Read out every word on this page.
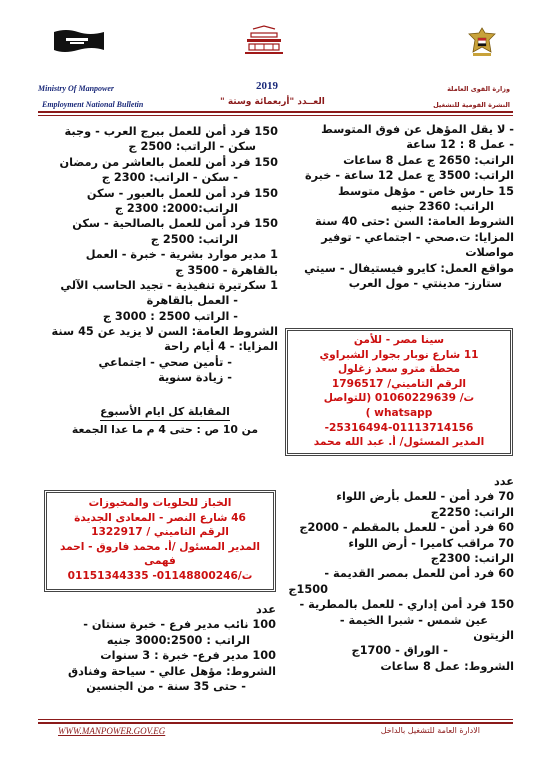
Ministry Of Manpower
Employment National Bulletin
2019
العــدد "أربعمائة وستة "
وزارة القوى العاملة
النشرة القومية للتشغيل
- لا يقل المؤهل عن فوق المتوسط
- عمل 8 : 12 ساعة
الراتب: 2650 ج عمل 8 ساعات
الراتب: 3500 ج عمل 12 ساعة - خبرة
15 حارس خاص - مؤهل متوسط
الراتب: 2360 جنيه
الشروط العامة: السن :حتى 40 سنة
المزايا: ت.صحي - اجتماعي - توفير
مواصلات
مواقع العمل: كايرو فيستيفال - سيتي
ستارز- مدينتي - مول العرب
سينا مصر - للأمن
11 شارع نوبار بجوار الشبراوي
محطة مترو سعد زغلول
الرقم التاميني/ 1796517
ت/ 01060229639 (للتواصل
whatsapp )
25316494-01113714156-
المدير المسئول/ أ. عبد الله محمد
عدد
70 فرد أمن - للعمل بأرض اللواء
الراتب: 2250ج
60 فرد أمن - للعمل بالمقطم - 2000ج
70 مراقب كاميرا - أرض اللواء
الراتب: 2300ج
60 فرد أمن للعمل بمصر القديمة -
1500ج
150 فرد أمن إداري - للعمل بالمطرية -
عين شمس - شبرا الخيمة -
الزيتون
- الوراق - 1700ج
الشروط: عمل 8 ساعات
150 فرد أمن للعمل ببرج العرب - وجبة
سكن - الراتب: 2500 ج
150 فرد أمن للعمل بالعاشر من رمضان
- سكن - الراتب: 2300 ج
150 فرد أمن للعمل بالعبور - سكن
الراتب:2000: 2300 ج
150 فرد أمن للعمل بالصالحية - سكن
الراتب: 2500 ج
1 مدير موارد بشرية - خبرة - العمل
بالقاهرة - 3500 ج
1 سكرتيرة تنفيذية - تجيد الحاسب الآلي
- العمل بالقاهرة
- الراتب 2500 : 3000 ج
الشروط العامة: السن لا يزيد عن 45 سنة
المزايا: - 4 أيام راحة
- تأمين صحي - اجتماعي
- زيادة سنوية
المقابلة كل ايام الأسبوع
من 10 ص : حتى 4 م ما عدا الجمعة
الخباز للحلويات والمخبوزات
46 شارع النصر - المعادى الجديدة
الرقم التاميني / 1322917
المدير المسئول /أ. محمد فاروق - احمد
فهمى
ت/01148800246- 01151344335
عدد
100 نائب مدير فرع - خبرة سنتان -
الراتب : 3000:2500 جنيه
100 مدير فرع- خبرة : 3 سنوات
الشروط: مؤهل عالي - سياحة وفنادق
- حتى 35 سنة - من الجنسين
WWW.MANPOWER.GOV.EG	الادارة العامة للتشغيل بالداخل
